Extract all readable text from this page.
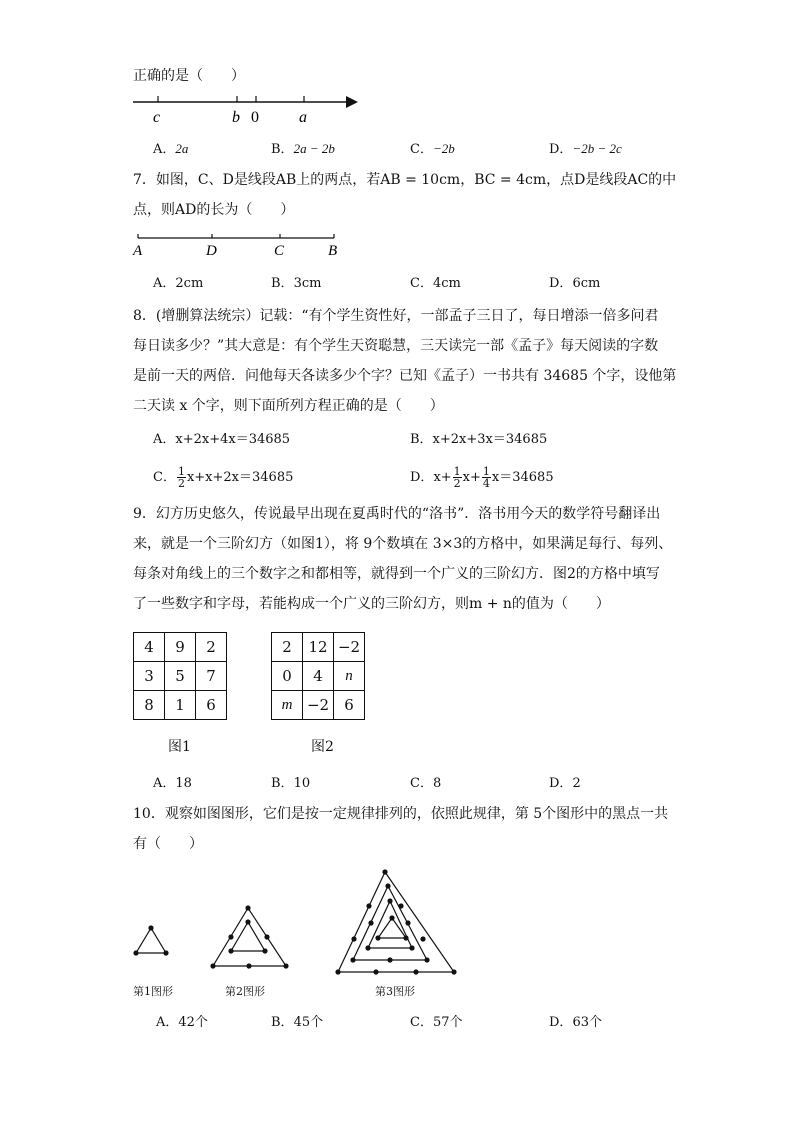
正确的是（　　）
c	b 0	a
A．2a	B．2a − 2b	C．−2b	D．−2b − 2c
7．如图，C、D是线段AB上的两点，若AB = 10cm，BC = 4cm，点D是线段AC的中
点，则AD的长为（　　）
A	D	C	B
A．2cm	B．3cm	C．4cm	D．6cm
8．(增删算法统宗）记载：“有个学生资性好，一部孟子三日了，每日增添一倍多问君
每日读多少？”其大意是：有个学生天资聪慧，三天读完一部《孟子》每天阅读的字数
是前一天的两倍．问他每天各读多少个字？已知《孟子）一书共有 34685 个字，设他第
二天读 x 个字，则下面所列方程正确的是（　　）
A．x+2x+4x＝34685	B．x+2x+3x＝34685
C． $\frac{1}{2} x+x+2x=34685$	D．$x+ \frac{1}{2} x+ \frac{1}{4} x=34685$
9．幻方历史悠久，传说最早出现在夏禹时代的“洛书”．洛书用今天的数学符号翻译出
来，就是一个三阶幻方（如图1），将 9个数填在 3×3的方格中，如果满足每行、每列、
每条对角线上的三个数字之和都相等，就得到一个广义的三阶幻方．图2的方格中填写
了一些数字和字母，若能构成一个广义的三阶幻方，则m + n的值为（　　）
4	9	2
3	5	7
8	1	6
2	12	−2
0	4	n
m	−2	6
图1	图2
A．18	B．10	C．8	D．2
10．观察如图图形，它们是按一定规律排列的，依照此规律，第 5个图形中的黑点一共
有（　　）
第1图形	第2图形	第3图形
A．42个	B．45个	C．57个	D．63个
